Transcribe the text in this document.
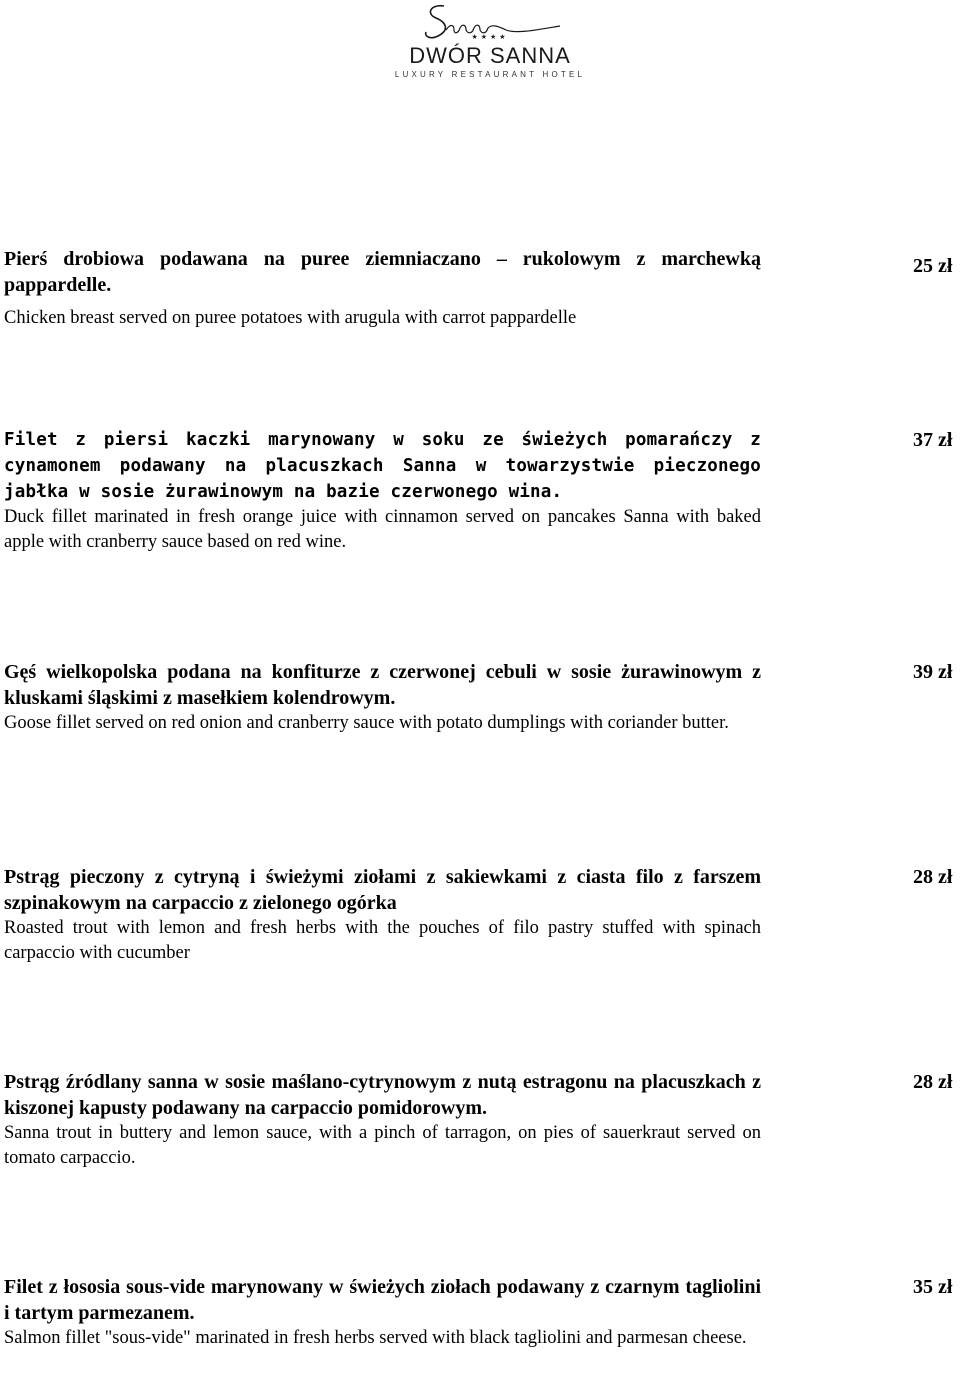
★★★★
DWÓR SANNA
LUXURY RESTAURANT HOTEL
Pierś drobiowa podawana na puree ziemniaczano – rukolowym z marchewką pappardelle.
Chicken breast served on puree potatoes with arugula with carrot pappardelle
25 zł
Filet z piersi kaczki marynowany w soku ze świeżych pomarańczy z cynamonem podawany na placuszkach Sanna w towarzystwie pieczonego jabłka w sosie żurawinowym na bazie czerwonego wina.
Duck fillet marinated in fresh orange juice with cinnamon served on pancakes Sanna with baked apple with cranberry sauce based on red wine.
37 zł
Gęś wielkopolska podana na konfiturze z czerwonej cebuli w sosie żurawinowym z kluskami śląskimi z masełkiem kolendrowym.
Goose fillet served on red onion and cranberry sauce with potato dumplings with coriander butter.
39 zł
Pstrąg pieczony z cytryną i świeżymi ziołami z sakiewkami z ciasta filo z farszem szpinakowym na carpaccio z zielonego ogórka
Roasted trout with lemon and fresh herbs with the pouches of filo pastry stuffed with spinach carpaccio with cucumber
28 zł
Pstrąg źródlany sanna w sosie maślano-cytrynowym z nutą estragonu na placuszkach z kiszonej kapusty podawany na carpaccio pomidorowym.
Sanna trout in buttery and lemon sauce, with a pinch of tarragon, on pies of sauerkraut served on tomato carpaccio.
28 zł
Filet z łososia sous-vide marynowany w świeżych ziołach podawany z czarnym tagliolini i tartym parmezanem.
Salmon fillet "sous-vide" marinated in fresh herbs served with black tagliolini and parmesan cheese.
35 zł
